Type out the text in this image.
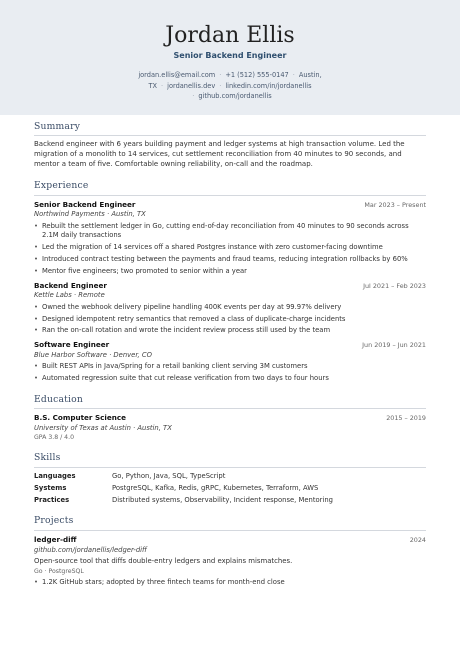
Jordan Ellis
Senior Backend Engineer
jordan.ellis@email.com · +1 (512) 555-0147 · Austin, TX · jordanellis.dev · linkedin.com/in/jordanellis
· github.com/jordanellis
Summary
Backend engineer with 6 years building payment and ledger systems at high transaction volume. Led the migration of a monolith to 14 services, cut settlement reconciliation from 40 minutes to 90 seconds, and mentor a team of five. Comfortable owning reliability, on-call and the roadmap.
Experience
Senior Backend Engineer	Mar 2023 – Present
Northwind Payments · Austin, TX
• Rebuilt the settlement ledger in Go, cutting end-of-day reconciliation from 40 minutes to 90 seconds across 2.1M daily transactions
• Led the migration of 14 services off a shared Postgres instance with zero customer-facing downtime
• Introduced contract testing between the payments and fraud teams, reducing integration rollbacks by 60%
• Mentor five engineers; two promoted to senior within a year
Backend Engineer	Jul 2021 – Feb 2023
Kettle Labs · Remote
• Owned the webhook delivery pipeline handling 400K events per day at 99.97% delivery
• Designed idempotent retry semantics that removed a class of duplicate-charge incidents
• Ran the on-call rotation and wrote the incident review process still used by the team
Software Engineer	Jun 2019 – Jun 2021
Blue Harbor Software · Denver, CO
• Built REST APIs in Java/Spring for a retail banking client serving 3M customers
• Automated regression suite that cut release verification from two days to four hours
Education
B.S. Computer Science	2015 – 2019
University of Texas at Austin · Austin, TX
GPA 3.8 / 4.0
Skills
Languages	Go, Python, Java, SQL, TypeScript
Systems	PostgreSQL, Kafka, Redis, gRPC, Kubernetes, Terraform, AWS
Practices	Distributed systems, Observability, Incident response, Mentoring
Projects
ledger-diff	2024
github.com/jordanellis/ledger-diff
Open-source tool that diffs double-entry ledgers and explains mismatches.
Go · PostgreSQL
• 1.2K GitHub stars; adopted by three fintech teams for month-end close
